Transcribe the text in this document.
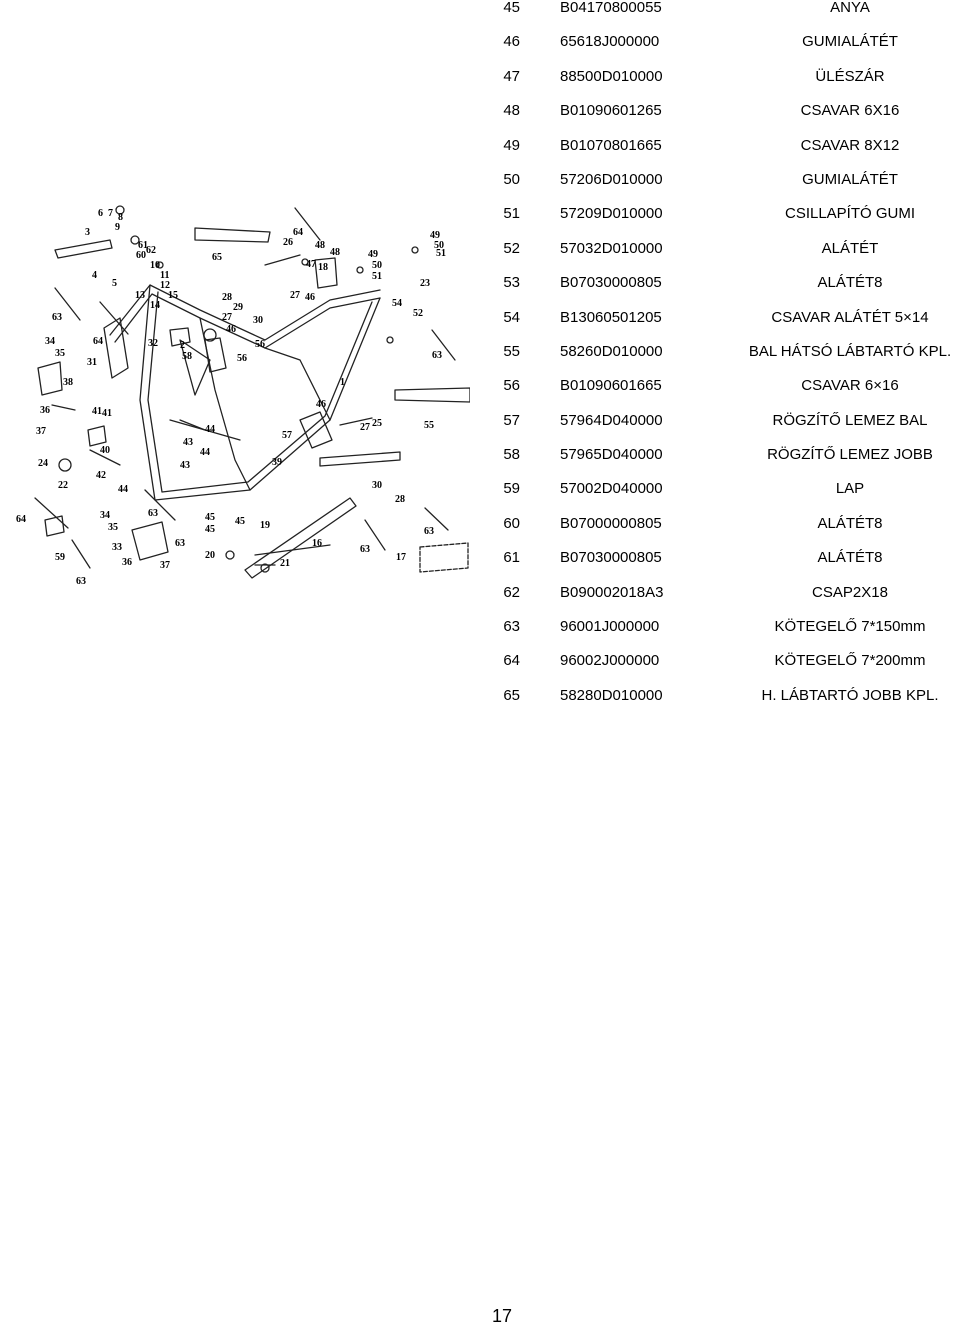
45	B04170800055	ANYA
46	65618J000000	GUMIALÁTÉT
47	88500D010000	ÜLÉSZÁR
48	B01090601265	CSAVAR 6X16
49	B01070801665	CSAVAR 8X12
50	57206D010000	GUMIALÁTÉT
51	57209D010000	CSILLAPÍTÓ GUMI
52	57032D010000	ALÁTÉT
53	B07030000805	ALÁTÉT8
54	B13060501205	CSAVAR ALÁTÉT 5×14
55	58260D010000	BAL HÁTSÓ LÁBTARTÓ KPL.
56	B01090601665	CSAVAR 6×16
57	57964D040000	RÖGZÍTŐ LEMEZ BAL
58	57965D040000	RÖGZÍTŐ LEMEZ JOBB
59	57002D040000	LAP
60	B07000000805	ALÁTÉT8
61	B07030000805	ALÁTÉT8
62	B090002018A3	CSAP2X18
63	96001J000000	KÖTEGELŐ 7*150mm
64	96002J000000	KÖTEGELŐ 7*200mm
65	58280D010000	H. LÁBTARTÓ JOBB KPL.
1
2
3
4
5
6 7 8
9
10
11
12
13
14
15
16
17
18
19
20
21
22
23
24
25
26
27
27
27
28
28
29
30
30
31
32
33
34
34
35
35
36
36
37
37
38
39
40
41 41
42
43
43
44
44
44
45
45
45
46
46
46
47
48
48
49
49
50
50
51
51
52
54
55
56
56
57
58
59
60
61
62
63
63
63
63
63
63
63
64
64
64
65
17
